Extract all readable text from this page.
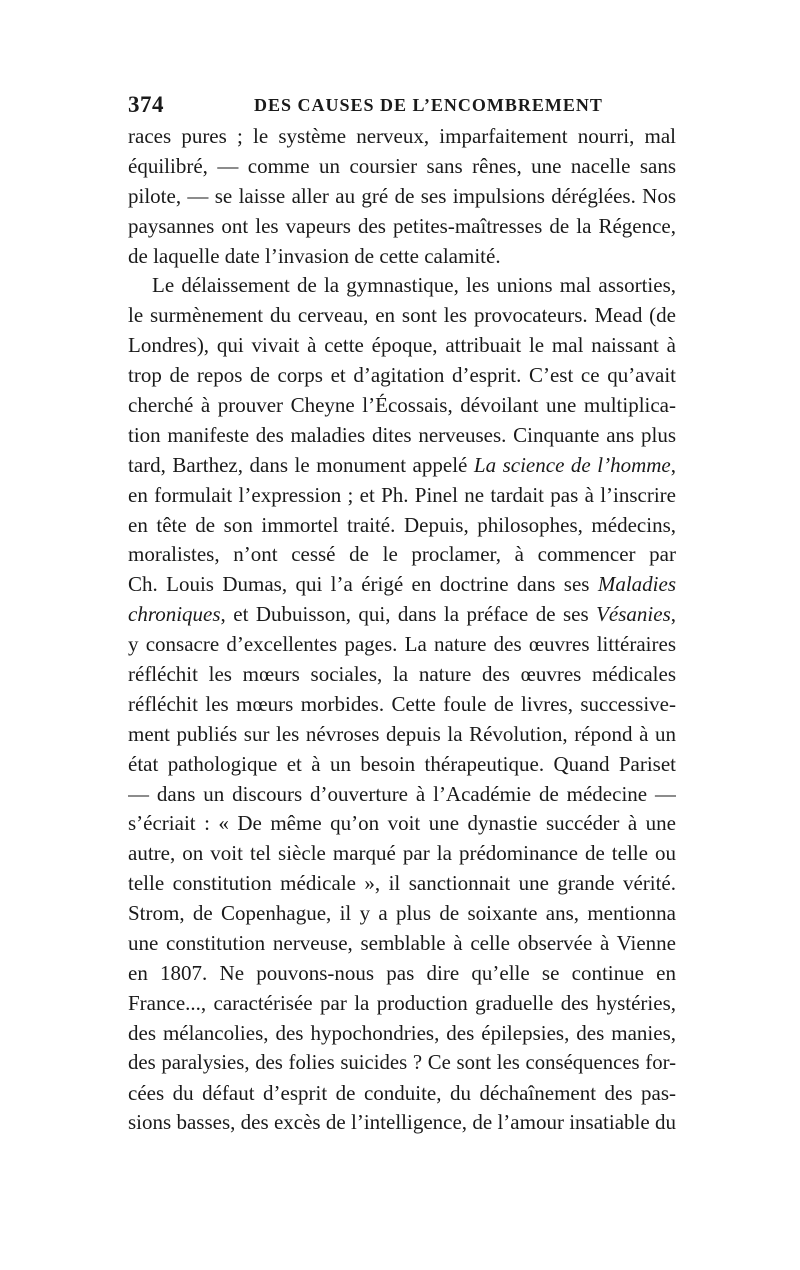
374	DES CAUSES DE L’ENCOMBREMENT
races pures ; le système nerveux, imparfaitement nourri, mal
équilibré, — comme un coursier sans rênes, une nacelle sans
pilote, — se laisse aller au gré de ses impulsions déréglées. Nos
paysannes ont les vapeurs des petites-maîtresses de la Régence,
de laquelle date l’invasion de cette calamité.
Le délaissement de la gymnastique, les unions mal assorties,
le surmènement du cerveau, en sont les provocateurs. Mead (de
Londres), qui vivait à cette époque, attribuait le mal naissant à
trop de repos de corps et d’agitation d’esprit. C’est ce qu’avait
cherché à prouver Cheyne l’Écossais, dévoilant une multiplica-
tion manifeste des maladies dites nerveuses. Cinquante ans plus
tard, Barthez, dans le monument appelé La science de l’homme,
en formulait l’expression ; et Ph. Pinel ne tardait pas à l’inscrire
en tête de son immortel traité. Depuis, philosophes, médecins,
moralistes, n’ont cessé de le proclamer, à commencer par
Ch. Louis Dumas, qui l’a érigé en doctrine dans ses Maladies
chroniques, et Dubuisson, qui, dans la préface de ses Vésanies,
y consacre d’excellentes pages. La nature des œuvres littéraires
réfléchit les mœurs sociales, la nature des œuvres médicales
réfléchit les mœurs morbides. Cette foule de livres, successive-
ment publiés sur les névroses depuis la Révolution, répond à un
état pathologique et à un besoin thérapeutique. Quand Pariset
— dans un discours d’ouverture à l’Académie de médecine —
s’écriait : « De même qu’on voit une dynastie succéder à une
autre, on voit tel siècle marqué par la prédominance de telle ou
telle constitution médicale », il sanctionnait une grande vérité.
Strom, de Copenhague, il y a plus de soixante ans, mentionna
une constitution nerveuse, semblable à celle observée à Vienne
en 1807. Ne pouvons-nous pas dire qu’elle se continue en
France..., caractérisée par la production graduelle des hystéries,
des mélancolies, des hypochondries, des épilepsies, des manies,
des paralysies, des folies suicides ? Ce sont les conséquences for-
cées du défaut d’esprit de conduite, du déchaînement des pas-
sions basses, des excès de l’intelligence, de l’amour insatiable du
